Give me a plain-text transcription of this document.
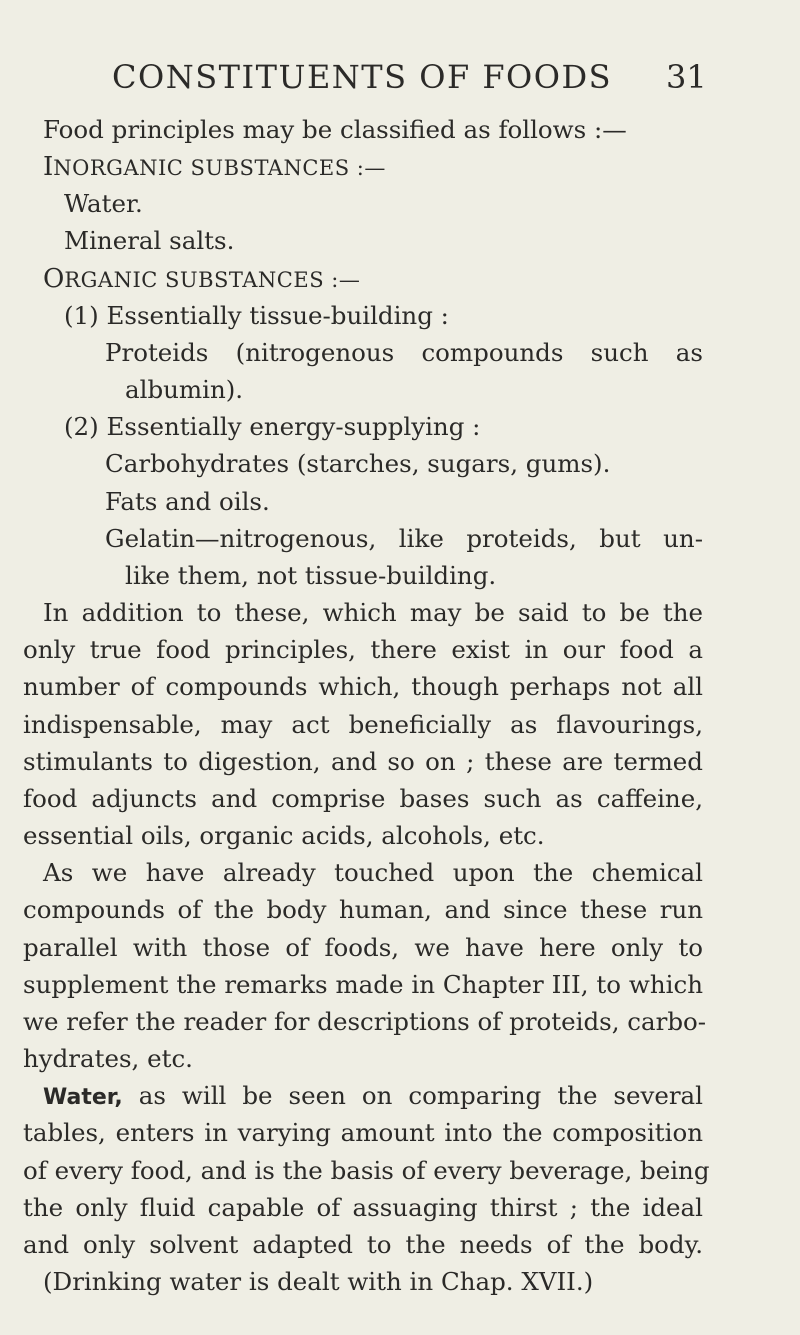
CONSTITUENTS OF FOODS	31
Food principles may be classified as follows :—
INORGANIC SUBSTANCES :—
Water.
Mineral salts.
ORGANIC SUBSTANCES :—
(1) Essentially tissue-building :
Proteids (nitrogenous compounds such as
albumin).
(2) Essentially energy-supplying :
Carbohydrates (starches, sugars, gums).
Fats and oils.
Gelatin—nitrogenous, like proteids, but un-
like them, not tissue-building.
In addition to these, which may be said to be the
only true food principles, there exist in our food a
number of compounds which, though perhaps not all
indispensable, may act beneficially as flavourings,
stimulants to digestion, and so on ; these are termed
food adjuncts and comprise bases such as caffeine,
essential oils, organic acids, alcohols, etc.
As we have already touched upon the chemical
compounds of the body human, and since these run
parallel with those of foods, we have here only to
supplement the remarks made in Chapter III, to which
we refer the reader for descriptions of proteids, carbo-
hydrates, etc.
Water, as will be seen on comparing the several
tables, enters in varying amount into the composition
of every food, and is the basis of every beverage, being
the only fluid capable of assuaging thirst ; the ideal
and only solvent adapted to the needs of the body.
(Drinking water is dealt with in Chap. XVII.)
